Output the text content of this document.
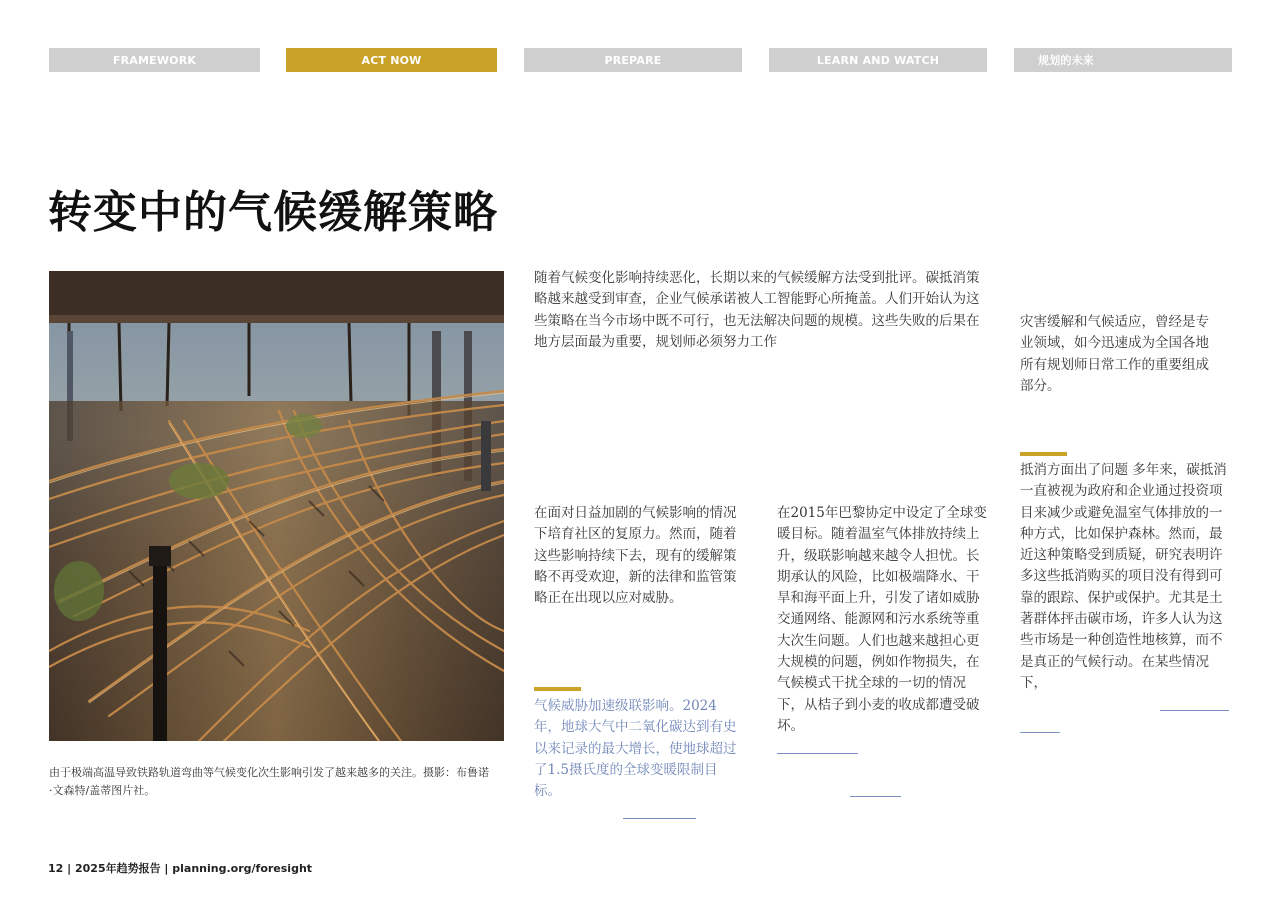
FRAMEWORK	ACT NOW	PREPARE	LEARN AND WATCH	规划的未来
转变中的气候缓解策略
由于极端高温导致铁路轨道弯曲等气候变化次生影响引发了越来越多的关注。摄影：布鲁诺·文森特/盖蒂图片社。
随着气候变化影响持续恶化，长期以来的气候缓解方法受到批评。碳抵消策略越来越受到审查，企业气候承诺被人工智能野心所掩盖。人们开始认为这些策略在当今市场中既不可行，也无法解决问题的规模。这些失败的后果在地方层面最为重要，规划师必须努力工作
在面对日益加剧的气候影响的情况下培育社区的复原力。然而，随着这些影响持续下去，现有的缓解策略不再受欢迎，新的法律和监管策略正在出现以应对威胁。
气候威胁加速级联影响。2024年，地球大气中二氧化碳达到有史以来记录的最大增长，使地球超过了1.5摄氏度的全球变暖限制目标。
在2015年巴黎协定中设定了全球变暖目标。随着温室气体排放持续上升，级联影响越来越令人担忧。长期承认的风险，比如极端降水、干旱和海平面上升，引发了诸如威胁交通网络、能源网和污水系统等重大次生问题。人们也越来越担心更大规模的问题，例如作物损失，在气候模式干扰全球的一切的情况下，从桔子到小麦的收成都遭受破坏。
灾害缓解和气候适应，曾经是专业领域，如今迅速成为全国各地所有规划师日常工作的重要组成部分。
抵消方面出了问题 多年来，碳抵消一直被视为政府和企业通过投资项目来减少或避免温室气体排放的一种方式，比如保护森林。然而，最近这种策略受到质疑，研究表明许多这些抵消购买的项目没有得到可靠的跟踪、保护或保护。尤其是土著群体抨击碳市场，许多人认为这些市场是一种创造性地核算，而不是真正的气候行动。在某些情况下，
12 | 2025年趋势报告 | planning.org/foresight
